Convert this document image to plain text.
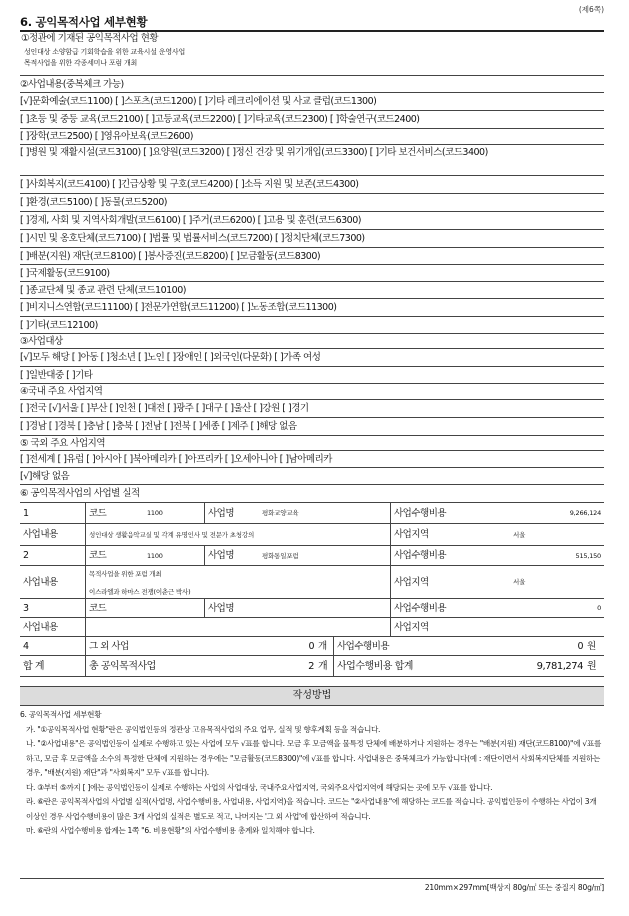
(제6쪽)
6. 공익목적사업 세부현황
①정관에 기재된 공익목적사업 현황
성인대상 소양함급 기회학습을 위한 교육시설 운영사업
목적사업을 위한 각종세미나 포럼 개최
②사업내용(중복체크 가능)
[√]문화예술(코드1100) [ ]스포츠(코드1200) [ ]기타 레크리에이션 및 사교 클럽(코드1300)
[ ]초등 및 중등 교육(코드2100) [ ]고등교육(코드2200) [ ]기타교육(코드2300) [ ]학술연구(코드2400)
[ ]장학(코드2500) [ ]영유아보육(코드2600)
[ ]병원 및 재활시설(코드3100) [ ]요양원(코드3200) [ ]정신 건강 및 위기개입(코드3300) [ ]기타 보건서비스(코드3400)
[ ]사회복지(코드4100) [ ]긴급상황 및 구호(코드4200) [ ]소득 지원 및 보존(코드4300)
[ ]환경(코드5100) [ ]동물(코드5200)
[ ]경제, 사회 및 지역사회개발(코드6100) [ ]주거(코드6200) [ ]고용 및 훈련(코드6300)
[ ]시민 및 옹호단체(코드7100) [ ]법률 및 법률서비스(코드7200) [ ]정치단체(코드7300)
[ ]배분(지원) 재단(코드8100) [ ]봉사증진(코드8200) [ ]모금활동(코드8300)
[ ]국제활동(코드9100)
[ ]종교단체 및 종교 관련 단체(코드10100)
[ ]비지니스연합(코드11100) [ ]전문가연합(코드11200) [ ]노동조합(코드11300)
[ ]기타(코드12100)
③사업대상
[√]모두 해당 [ ]아동 [ ]청소년 [ ]노인 [ ]장애인 [ ]외국인(다문화) [ ]가족 여성
[ ]일반대중 [ ]기타
④국내 주요 사업지역
[ ]전국 [√]서울 [ ]부산 [ ]인천 [ ]대전 [ ]광주 [ ]대구 [ ]울산 [ ]강원 [ ]경기
[ ]경남 [ ]경북 [ ]충남 [ ]충북 [ ]전남 [ ]전북 [ ]세종 [ ]제주 [ ]해당 없음
⑤ 국외 주요 사업지역
[ ]전세계 [ ]유럽 [ ]아시아 [ ]북아메리카 [ ]아프리카 [ ]오세아니아 [ ]남아메리카
[√]해당 없음
⑥ 공익목적사업의 사업별 실적
1	코드	1100	사업명	평화교양교육	사업수행비용	9,266,124
사업내용	성인대상 생활음악교실 및 각계 유명인사 및 전문가 초청강의	사업지역	서울
2	코드	1100	사업명	평화통일포럼	사업수행비용	515,150
사업내용
목적사업을 위한 포럼 개최
이스라엘과 하마스 전쟁(이춘근 박사)
사업지역	서울
3	코드	사업명	사업수행비용	0
사업내용	사업지역
4	그 외 사업	0 개	사업수행비용	0 원
합 계	총 공익목적사업	2 개 사업수행비용 합계	9,781,274 원
작성방법

6. 공익목적사업 세부현황

가. "①공익목적사업 현황"란은 공익법인등의 정관상 고유목적사업의 주요 업무, 실적 및 향후계획 등을 적습니다.

나. "②사업내용"은 공익법인등이 실제로 수행하고 있는 사업에 모두 √표를 합니다. 모금 후 모금액을 물특정 단체에 배분하거나 지원하는 경우는 "배분(지원) 재단(코드8100)"에 √표를 하고, 모금 후 모금액을 소수의 특정한 단체에 지원하는 경우에는 "모금활동(코드8300)"에 √표를 합니다. 사업내용은 중복체크가 가능합니다(예 : 재단이면서 사회복지단체를 지원하는 경우, "배분(지원) 재단"과 "사회복지" 모두 √표를 합니다).

다. ③부터 ⑤까지 [ ]에는 공익법인등이 실제로 수행하는 사업의 사업대상, 국내주요사업지역, 국외주요사업지역에 해당되는 곳에 모두 √표를 합니다.

라. ⑥란은 공익목적사업의 사업별 실적(사업명, 사업수행비용, 사업내용, 사업지역)을 적습니다. 코드는 "②사업내용"에 해당하는 코드를 적습니다. 공익법인등이 수행하는 사업이 3개 이상인 경우 사업수행비용이 많은 3개 사업의 실적은 별도로 적고, 나머지는 '그 외 사업'에 합산하여 적습니다.

마. ⑥란의 사업수행비용 합계는 1쪽 "6. 비용현황"의 사업수행비용 총계와 일치해야 합니다.

210mm×297mm[백상지 80g/㎡ 또는 중질지 80g/㎡]
